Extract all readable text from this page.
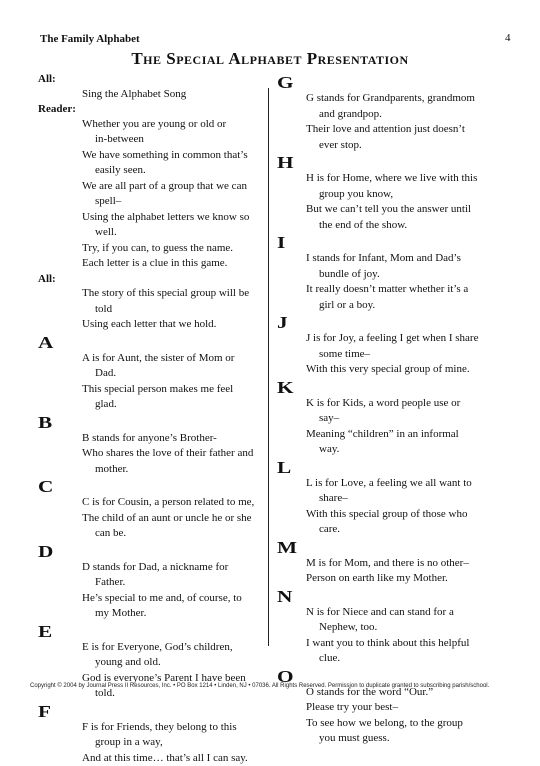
The Family Alphabet	4
The Special Alphabet Presentation
All:
Sing the Alphabet Song
Reader:
Whether you are young or old or
in-between
We have something in common that’s
easily seen.
We are all part of a group that we can
spell–
Using the alphabet letters we know so
well.
Try, if you can, to guess the name.
Each letter is a clue in this game.
All:
The story of this special group will be
told
Using each letter that we hold.
A
A is for Aunt, the sister of Mom or
Dad.
This special person makes me feel
glad.
B
B stands for anyone’s Brother-
Who shares the love of their father and
mother.
C
C is for Cousin, a person related to me,
The child of an aunt or uncle he or she
can be.
D
D stands for Dad, a nickname for
Father.
He’s special to me and, of course, to
my Mother.
E
E is for Everyone, God’s children,
young and old.
God is everyone’s Parent I have been
told.
F
F is for Friends, they belong to this
group in a way,
And at this time… that’s all I can say.
G
G stands for Grandparents, grandmom
and grandpop.
Their love and attention just doesn’t
ever stop.
H
H is for Home, where we live with this
group you know,
But we can’t tell you the answer until
the end of the show.
I
I stands for Infant, Mom and Dad’s
bundle of joy.
It really doesn’t matter whether it’s a
girl or a boy.
J
J is for Joy, a feeling I get when I share
some time–
With this very special group of mine.
K
K is for Kids, a word people use or
say–
Meaning “children” in an informal
way.
L
L is for Love, a feeling we all want to
share–
With this special group of those who
care.
M
M is for Mom, and there is no other–
Person on earth like my Mother.
N
N is for Niece and can stand for a
Nephew, too.
I want you to think about this helpful
clue.
O
O stands for the word “Our.”
Please try your best–
To see how we belong, to the group
you must guess.
Copyright © 2004 by Journal Press II Resources, Inc. • PO Box 1214 • Linden, NJ • 07036. All Rights Reserved. Permission to duplicate granted to subscribing parish/school.
